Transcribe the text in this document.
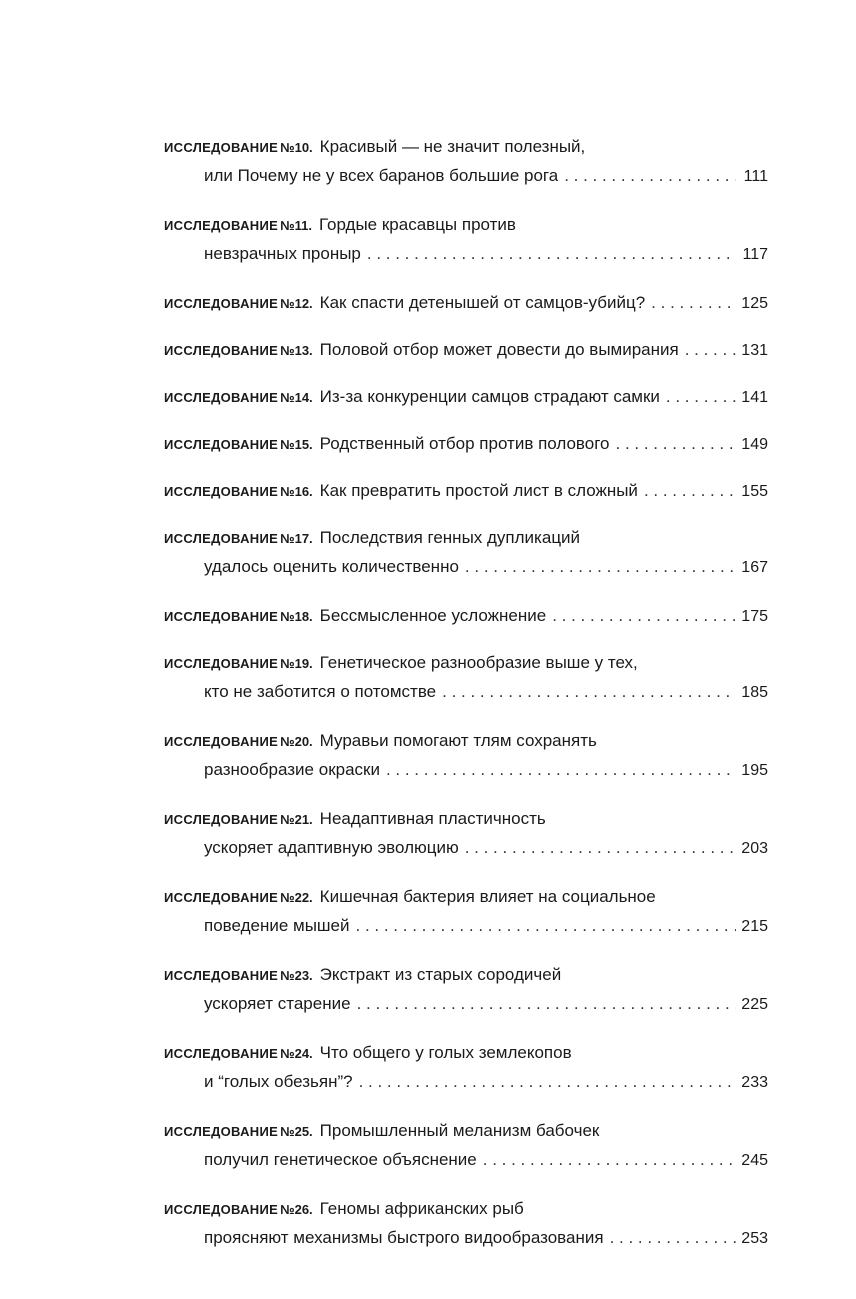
ИССЛЕДОВАНИЕ №10. Красивый — не значит полезный,
или Почему не у всех баранов большие рога . . .	111
ИССЛЕДОВАНИЕ №11. Гордые красавцы против
невзрачных проныр . . .	117
ИССЛЕДОВАНИЕ №12. Как спасти детенышей от самцов-убийц? . . .	125
ИССЛЕДОВАНИЕ №13. Половой отбор может довести до вымирания . . .	131
ИССЛЕДОВАНИЕ №14. Из-за конкуренции самцов страдают самки . . .	141
ИССЛЕДОВАНИЕ №15. Родственный отбор против полового . . .	149
ИССЛЕДОВАНИЕ №16. Как превратить простой лист в сложный . . .	155
ИССЛЕДОВАНИЕ №17. Последствия генных дупликаций
удалось оценить количественно . . .	167
ИССЛЕДОВАНИЕ №18. Бессмысленное усложнение . . .	175
ИССЛЕДОВАНИЕ №19. Генетическое разнообразие выше у тех,
кто не заботится о потомстве . . .	185
ИССЛЕДОВАНИЕ №20. Муравьи помогают тлям сохранять
разнообразие окраски . . .	195
ИССЛЕДОВАНИЕ №21. Неадаптивная пластичность
ускоряет адаптивную эволюцию . . .	203
ИССЛЕДОВАНИЕ №22. Кишечная бактерия влияет на социальное
поведение мышей . . .	215
ИССЛЕДОВАНИЕ №23. Экстракт из старых сородичей
ускоряет старение . . .	225
ИССЛЕДОВАНИЕ №24. Что общего у голых землекопов
и “голых обезьян”? . . .	233
ИССЛЕДОВАНИЕ №25. Промышленный меланизм бабочек
получил генетическое объяснение . . .	245
ИССЛЕДОВАНИЕ №26. Геномы африканских рыб
проясняют механизмы быстрого видообразования . . .	253
